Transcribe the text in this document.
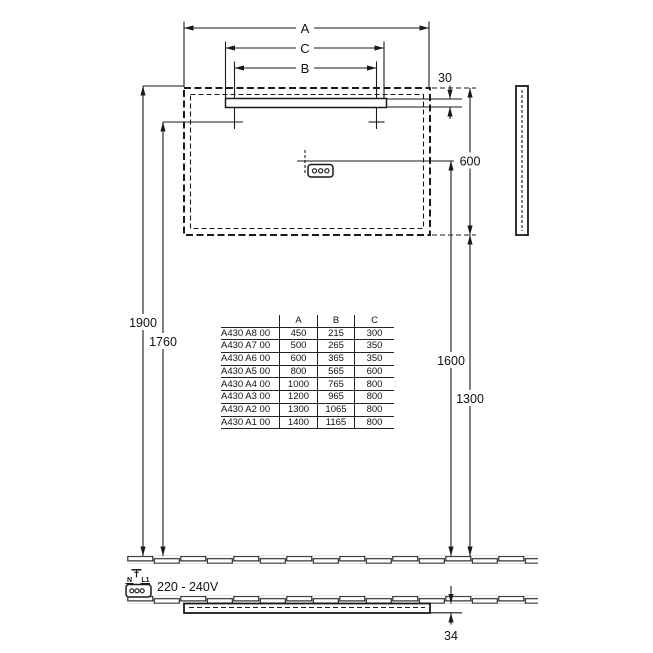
A
C
B
30
600
1600
1300
1900
1760
34
N L1 220 - 240V
	A	B	C
A430 A8 00	450	215	300
A430 A7 00	500	265	350
A430 A6 00	600	365	350
A430 A5 00	800	565	600
A430 A4 00	1000	765	800
A430 A3 00	1200	965	800
A430 A2 00	1300	1065	800
A430 A1 00	1400	1165	800
